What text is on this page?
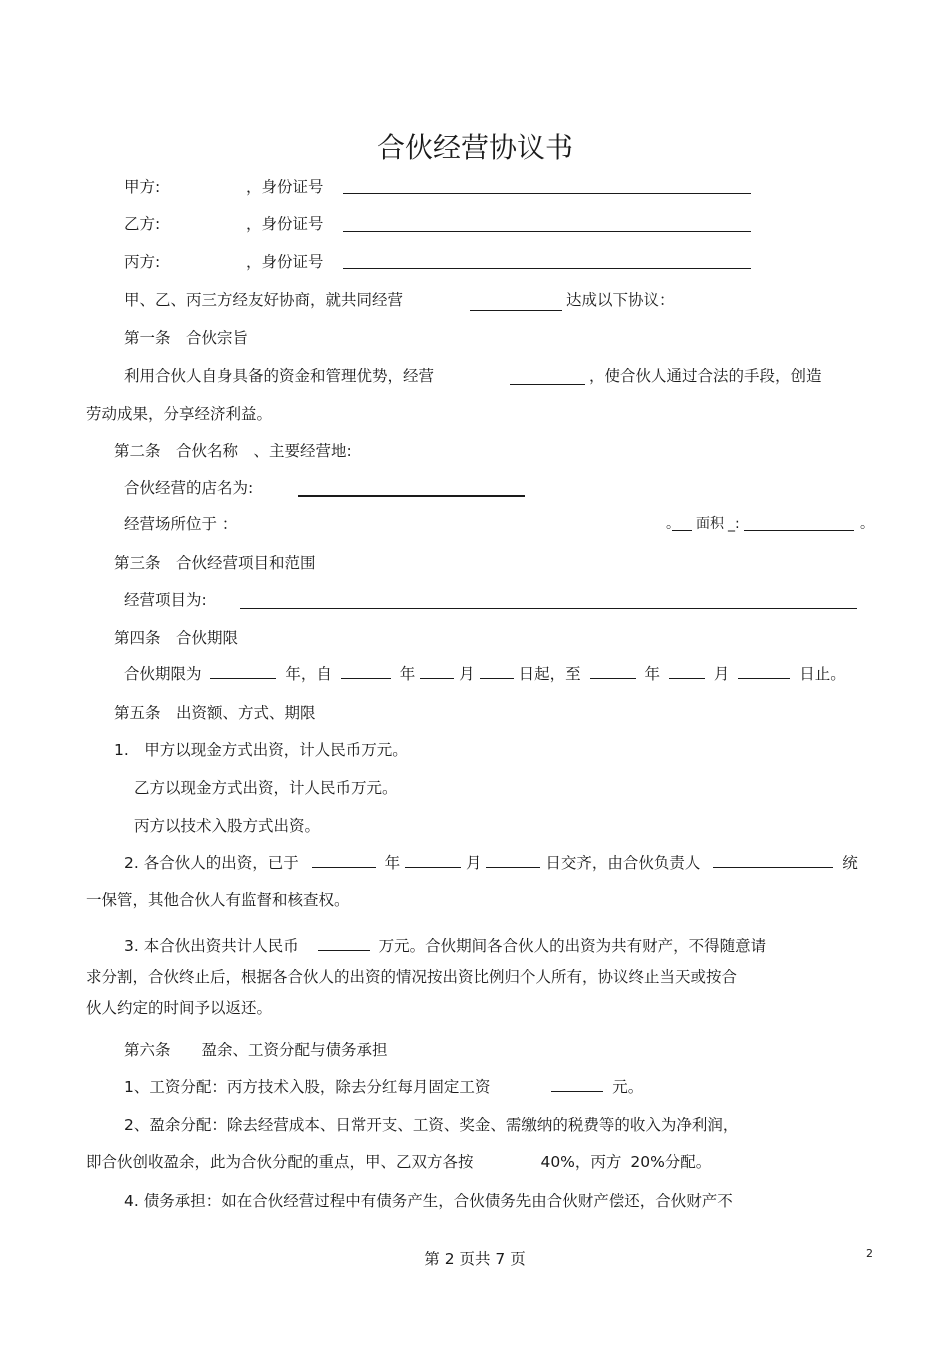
合伙经营协议书
甲方:	，身份证号
乙方:	，身份证号
丙方:	，身份证号
甲、乙、丙三方经友好协商，就共同经营	达成以下协议：
第一条　合伙宗旨
利用合伙人自身具备的资金和管理优势，经营	，使合伙人通过合法的手段，创造
劳动成果，分享经济利益。
第二条　合伙名称　、主要经营地:
合伙经营的店名为:
经营场所位于 ：	。 面积 _:	。
第三条　合伙经营项目和范围
经营项目为:
第四条　合伙期限
合伙期限为	年，自	年	月	日起，至	年	月	日止。
第五条　出资额、方式、期限
1.　甲方以现金方式出资，计人民币万元。
乙方以现金方式出资，计人民币万元。
丙方以技术入股方式出资。
2. 各合伙人的出资，已于	年	月	日交齐，由合伙负责人	统
一保管，其他合伙人有监督和核查权。
3. 本合伙出资共计人民币	万元。合伙期间各合伙人的出资为共有财产，不得随意请
求分割，合伙终止后，根据各合伙人的出资的情况按出资比例归个人所有，协议终止当天或按合
伙人约定的时间予以返还。
第六条　　盈余、工资分配与债务承担
1、工资分配：丙方技术入股，除去分红每月固定工资	元。
2、盈余分配：除去经营成本、日常开支、工资、奖金、需缴纳的税费等的收入为净利润，
即合伙创收盈余，此为合伙分配的重点，甲、乙双方各按	40%，丙方 20%分配。
4. 债务承担：如在合伙经营过程中有债务产生，合伙债务先由合伙财产偿还，合伙财产不
第 2 页共 7 页	2
